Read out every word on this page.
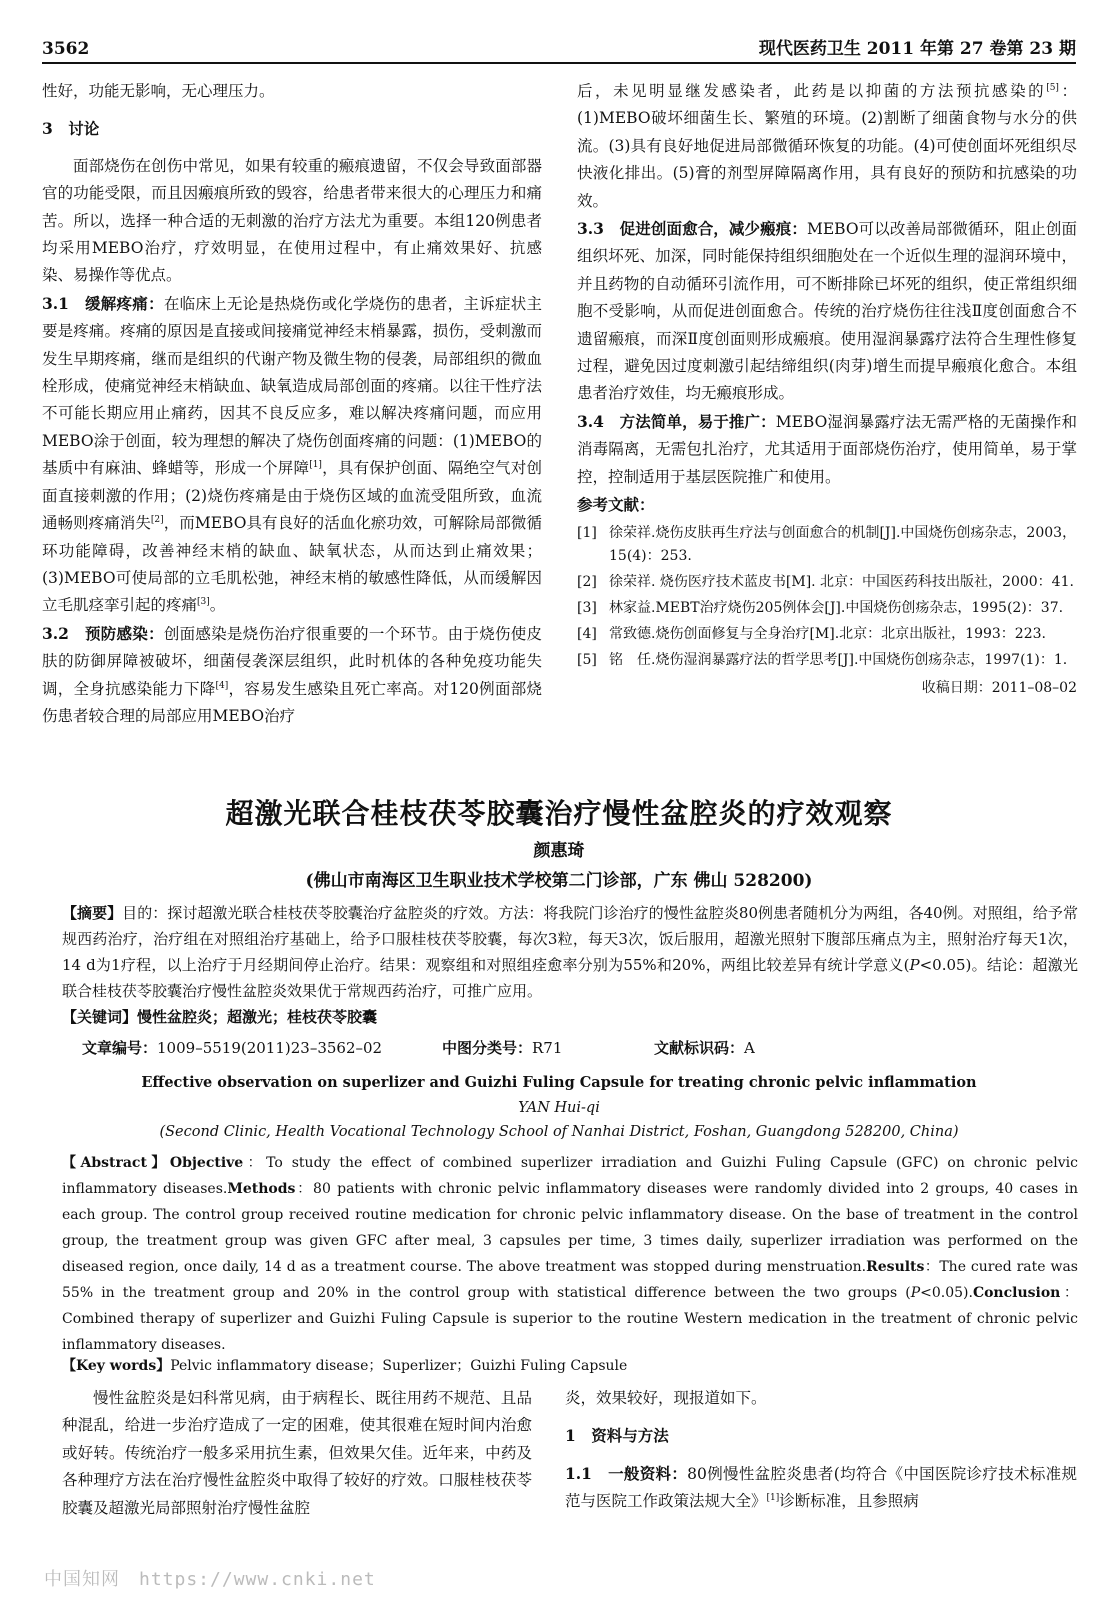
3562	现代医药卫生 2011 年第 27 卷第 23 期

性好，功能无影响，无心理压力。

3　讨论

面部烧伤在创伤中常见，如果有较重的瘢痕遗留，不仅会导致面部器官的功能受限，而且因瘢痕所致的毁容，给患者带来很大的心理压力和痛苦。所以，选择一种合适的无刺激的治疗方法尤为重要。本组120例患者均采用MEBO治疗，疗效明显，在使用过程中，有止痛效果好、抗感染、易操作等优点。

3.1　缓解疼痛：在临床上无论是热烧伤或化学烧伤的患者，主诉症状主要是疼痛。疼痛的原因是直接或间接痛觉神经末梢暴露，损伤，受刺激而发生早期疼痛，继而是组织的代谢产物及微生物的侵袭，局部组织的微血栓形成，使痛觉神经末梢缺血、缺氧造成局部创面的疼痛。以往干性疗法不可能长期应用止痛药，因其不良反应多，难以解决疼痛问题，而应用MEBO涂于创面，较为理想的解决了烧伤创面疼痛的问题：(1)MEBO的基质中有麻油、蜂蜡等，形成一个屏障[1]，具有保护创面、隔绝空气对创面直接刺激的作用；(2)烧伤疼痛是由于烧伤区域的血流受阻所致，血流通畅则疼痛消失[2]，而MEBO具有良好的活血化瘀功效，可解除局部微循环功能障碍，改善神经末梢的缺血、缺氧状态，从而达到止痛效果；(3)MEBO可使局部的立毛肌松弛，神经末梢的敏感性降低，从而缓解因立毛肌痉挛引起的疼痛[3]。

3.2　预防感染：创面感染是烧伤治疗很重要的一个环节。由于烧伤使皮肤的防御屏障被破坏，细菌侵袭深层组织，此时机体的各种免疫功能失调，全身抗感染能力下降[4]，容易发生感染且死亡率高。对120例面部烧伤患者较合理的局部应用MEBO治疗

后，未见明显继发感染者，此药是以抑菌的方法预抗感染的[5]：(1)MEBO破坏细菌生长、繁殖的环境。(2)割断了细菌食物与水分的供流。(3)具有良好地促进局部微循环恢复的功能。(4)可使创面坏死组织尽快液化排出。(5)膏的剂型屏障隔离作用，具有良好的预防和抗感染的功效。

3.3　促进创面愈合，减少瘢痕：MEBO可以改善局部微循环，阻止创面组织坏死、加深，同时能保持组织细胞处在一个近似生理的湿润环境中，并且药物的自动循环引流作用，可不断排除已坏死的组织，使正常组织细胞不受影响，从而促进创面愈合。传统的治疗烧伤往往浅Ⅱ度创面愈合不遗留瘢痕，而深Ⅱ度创面则形成瘢痕。使用湿润暴露疗法符合生理性修复过程，避免因过度刺激引起结缔组织(肉芽)增生而提早瘢痕化愈合。本组患者治疗效佳，均无瘢痕形成。

3.4　方法简单，易于推广：MEBO湿润暴露疗法无需严格的无菌操作和消毒隔离，无需包扎治疗，尤其适用于面部烧伤治疗，使用简单，易于掌控，控制适用于基层医院推广和使用。

参考文献：

[1] 徐荣祥.烧伤皮肤再生疗法与创面愈合的机制[J].中国烧伤创疡杂志，2003，15(4)：253.

[2] 徐荣祥. 烧伤医疗技术蓝皮书[M]. 北京：中国医药科技出版社，2000：41.

[3] 林家益.MEBT治疗烧伤205例体会[J].中国烧伤创疡杂志，1995(2)：37.

[4] 常致德.烧伤创面修复与全身治疗[M].北京：北京出版社，1993：223.

[5] 铭　任.烧伤湿润暴露疗法的哲学思考[J].中国烧伤创疡杂志，1997(1)：1.

收稿日期：2011–08–02

超激光联合桂枝茯苓胶囊治疗慢性盆腔炎的疗效观察
颜惠琦
(佛山市南海区卫生职业技术学校第二门诊部，广东 佛山 528200)

【摘要】目的：探讨超激光联合桂枝茯苓胶囊治疗盆腔炎的疗效。方法：将我院门诊治疗的慢性盆腔炎80例患者随机分为两组，各40例。对照组，给予常规西药治疗，治疗组在对照组治疗基础上，给予口服桂枝茯苓胶囊，每次3粒，每天3次，饭后服用，超激光照射下腹部压痛点为主，照射治疗每天1次，14 d为1疗程，以上治疗于月经期间停止治疗。结果：观察组和对照组痊愈率分别为55%和20%，两组比较差异有统计学意义(P<0.05)。结论：超激光联合桂枝茯苓胶囊治疗慢性盆腔炎效果优于常规西药治疗，可推广应用。

【关键词】慢性盆腔炎；超激光；桂枝茯苓胶囊

文章编号：1009–5519(2011)23–3562–02	中图分类号：R71	文献标识码：A
Effective observation on superlizer and Guizhi Fuling Capsule for treating chronic pelvic inflammation
YAN Hui-qi
(Second Clinic, Health Vocational Technology School of Nanhai District, Foshan, Guangdong 528200, China)

【Abstract】Objective：To study the effect of combined superlizer irradiation and Guizhi Fuling Capsule (GFC) on chronic pelvic inflammatory diseases.Methods：80 patients with chronic pelvic inflammatory diseases were randomly divided into 2 groups, 40 cases in each group. The control group received routine medication for chronic pelvic inflammatory disease. On the base of treatment in the control group, the treatment group was given GFC after meal, 3 capsules per time, 3 times daily, superlizer irradiation was performed on the diseased region, once daily, 14 d as a treatment course. The above treatment was stopped during menstruation.Results：The cured rate was 55% in the treatment group and 20% in the control group with statistical difference between the two groups (P<0.05).Conclusion：Combined therapy of superlizer and Guizhi Fuling Capsule is superior to the routine Western medication in the treatment of chronic pelvic inflammatory diseases.

【Key words】Pelvic inflammatory disease；Superlizer；Guizhi Fuling Capsule

慢性盆腔炎是妇科常见病，由于病程长、既往用药不规范、且品种混乱，给进一步治疗造成了一定的困难，使其很难在短时间内治愈或好转。传统治疗一般多采用抗生素，但效果欠佳。近年来，中药及各种理疗方法在治疗慢性盆腔炎中取得了较好的疗效。口服桂枝茯苓胶囊及超激光局部照射治疗慢性盆腔

炎，效果较好，现报道如下。

1　资料与方法

1.1　一般资料：80例慢性盆腔炎患者(均符合《中国医院诊疗技术标准规范与医院工作政策法规大全》[1]诊断标准，且参照病

中国知网　https://www.cnki.net
